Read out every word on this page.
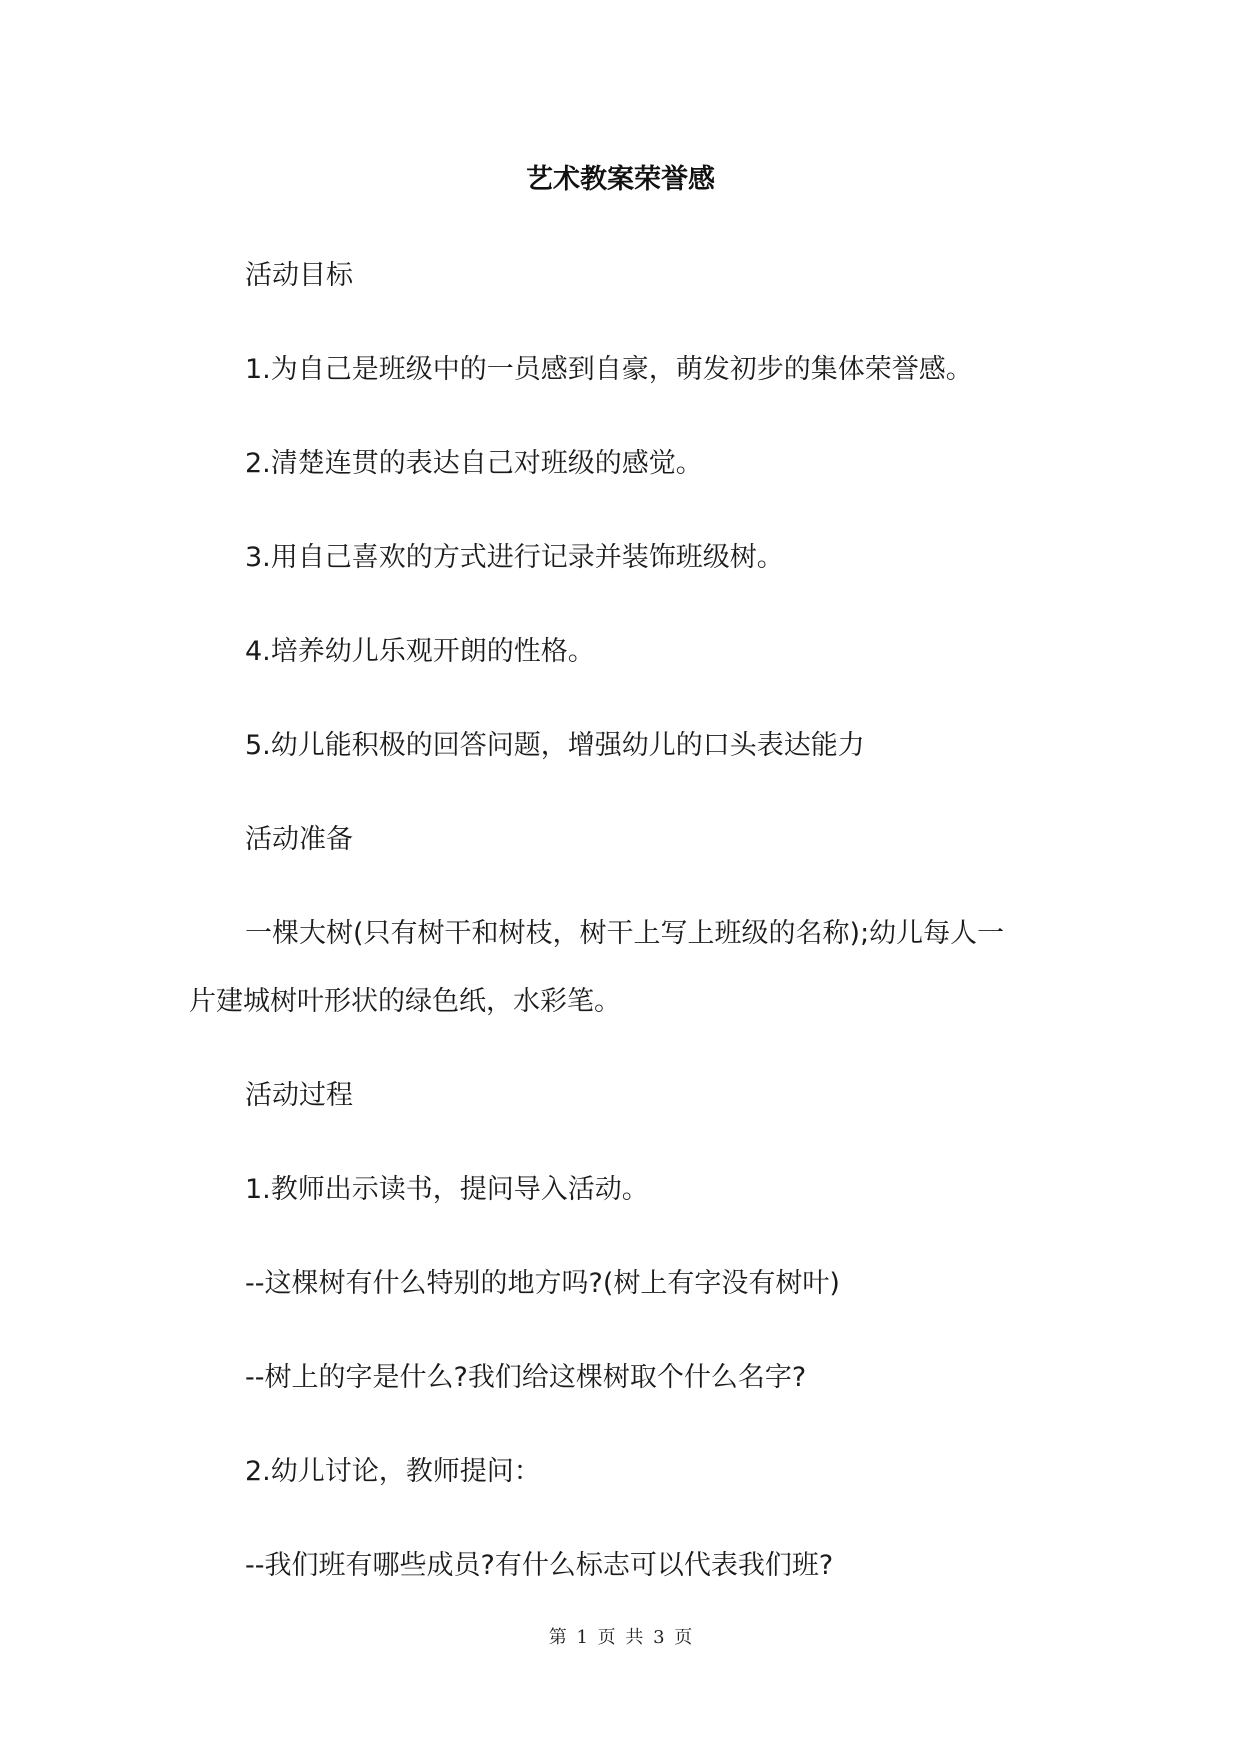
艺术教案荣誉感
活动目标
1.为自己是班级中的一员感到自豪，萌发初步的集体荣誉感。
2.清楚连贯的表达自己对班级的感觉。
3.用自己喜欢的方式进行记录并装饰班级树。
4.培养幼儿乐观开朗的性格。
5.幼儿能积极的回答问题，增强幼儿的口头表达能力
活动准备
一棵大树(只有树干和树枝，树干上写上班级的名称);幼儿每人一
片建城树叶形状的绿色纸，水彩笔。
活动过程
1.教师出示读书，提问导入活动。
--这棵树有什么特别的地方吗?(树上有字没有树叶)
--树上的字是什么?我们给这棵树取个什么名字?
2.幼儿讨论，教师提问：
--我们班有哪些成员?有什么标志可以代表我们班?
第 1 页 共 3 页
